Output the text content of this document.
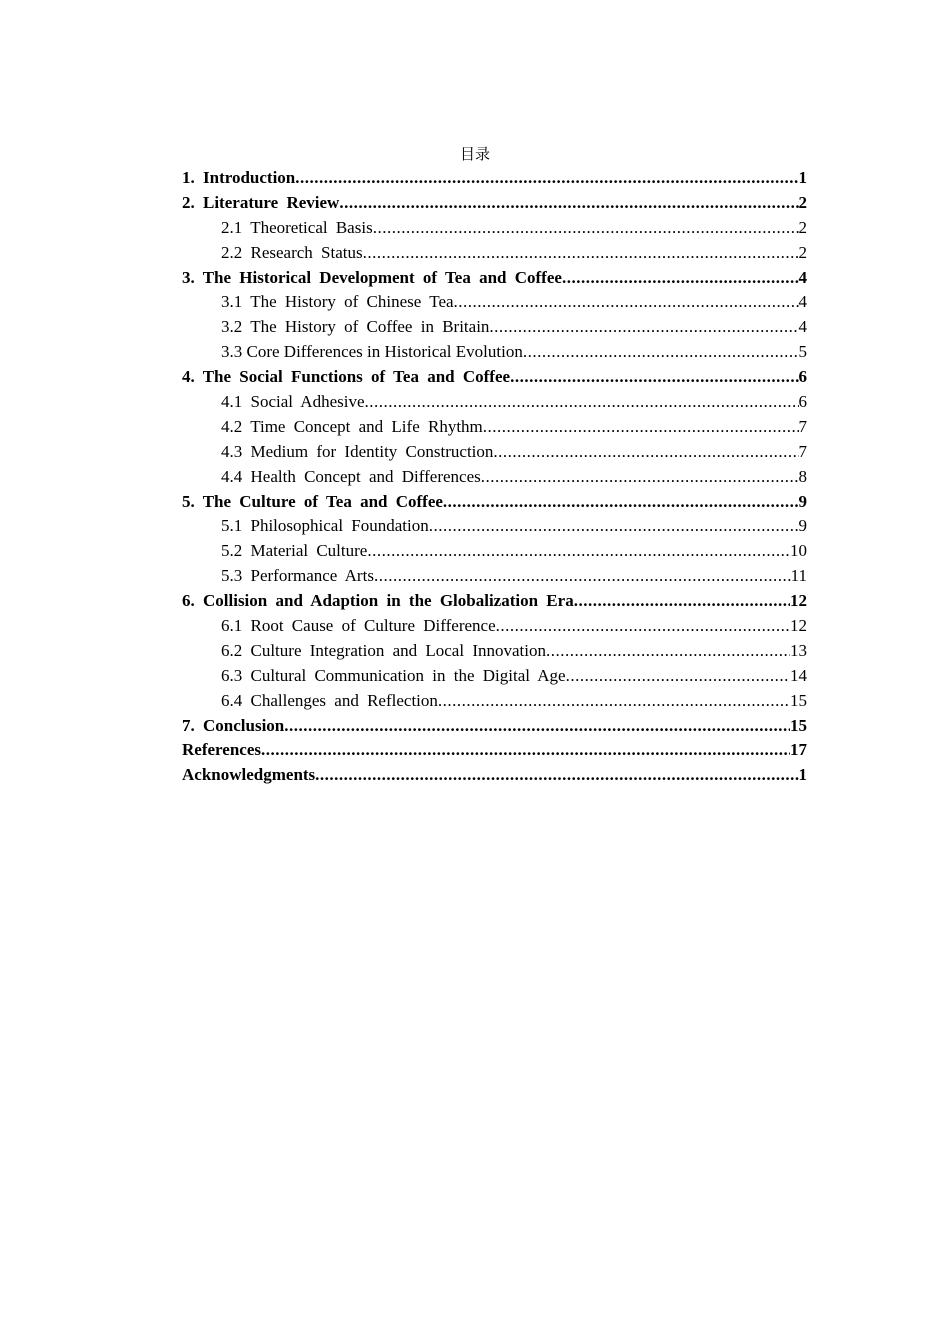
目录
1. Introduction .....	1
2. Literature Review .....	2
2.1 Theoretical Basis .....	2
2.2 Research Status .....	2
3. The Historical Development of Tea and Coffee .....	4
3.1 The History of Chinese Tea .....	4
3.2 The History of Coffee in Britain .....	4
3.3 Core Differences in Historical Evolution .....	5
4. The Social Functions of Tea and Coffee .....	6
4.1 Social Adhesive .....	6
4.2 Time Concept and Life Rhythm .....	7
4.3 Medium for Identity Construction .....	7
4.4 Health Concept and Differences .....	8
5. The Culture of Tea and Coffee .....	9
5.1 Philosophical Foundation .....	9
5.2 Material Culture .....	10
5.3 Performance Arts .....	11
6. Collision and Adaption in the Globalization Era .....	12
6.1 Root Cause of Culture Difference .....	12
6.2 Culture Integration and Local Innovation .....	13
6.3 Cultural Communication in the Digital Age .....	14
6.4 Challenges and Reflection .....	15
7. Conclusion .....	15
References .....	17
Acknowledgments .....	1
